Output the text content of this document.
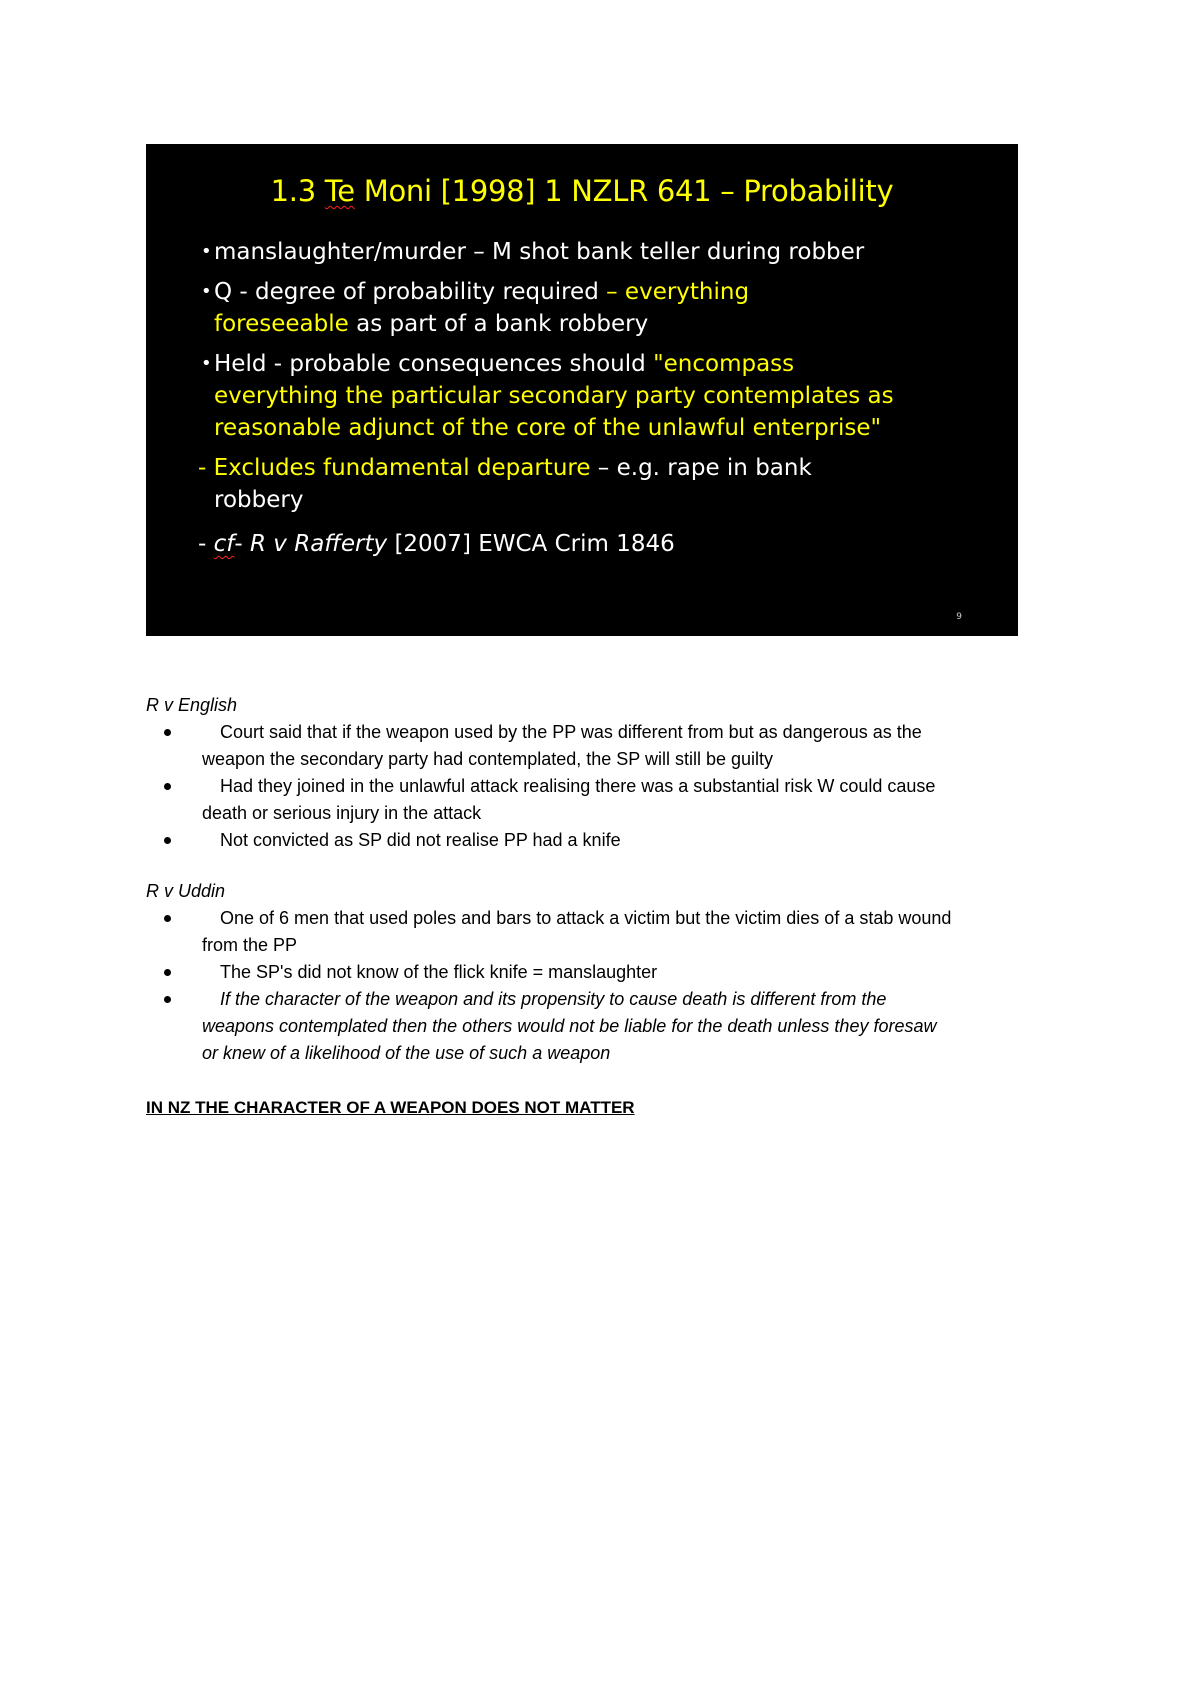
1.3 Te Moni [1998] 1 NZLR 641 – Probability
• manslaughter/murder – M shot bank teller during robber
• Q - degree of probability required – everything
foreseeable as part of a bank robbery
• Held - probable consequences should "encompass
everything the particular secondary party contemplates as
reasonable adjunct of the core of the unlawful enterprise"
- Excludes fundamental departure – e.g. rape in bank
robbery
- cf- R v Rafferty [2007] EWCA Crim 1846
9
R v English
Court said that if the weapon used by the PP was different from but as dangerous as the
weapon the secondary party had contemplated, the SP will still be guilty
Had they joined in the unlawful attack realising there was a substantial risk W could cause
death or serious injury in the attack
Not convicted as SP did not realise PP had a knife
R v Uddin
One of 6 men that used poles and bars to attack a victim but the victim dies of a stab wound
from the PP
The SP's did not know of the flick knife = manslaughter
If the character of the weapon and its propensity to cause death is different from the
weapons contemplated then the others would not be liable for the death unless they foresaw
or knew of a likelihood of the use of such a weapon
IN NZ THE CHARACTER OF A WEAPON DOES NOT MATTER
